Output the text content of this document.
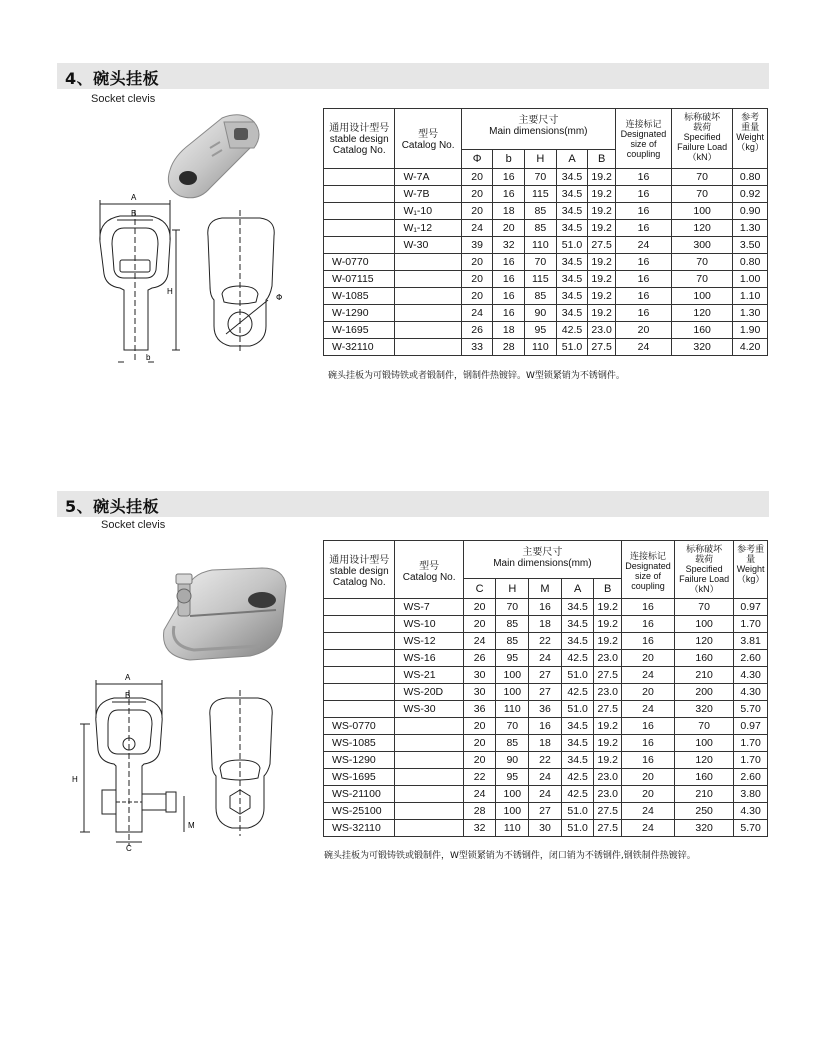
4、碗头挂板
Socket clevis
A
B
H
b
Φ
通用设计型号
stable design
Catalog No.	型号
Catalog No.	主要尺寸
Main dimensions(mm)					连接标记
Designated
size of
coupling	标称破坏
载荷
Specified
Failure Load
（kN）	参考
重量
Weight
（kg）
		Φ	b	H	A	B			
	W-7A	20	16	70	34.5	19.2	16	70	0.80
	W-7B	20	16	115	34.5	19.2	16	70	0.92
	W₁-10	20	18	85	34.5	19.2	16	100	0.90
	W₁-12	24	20	85	34.5	19.2	16	120	1.30
	W-30	39	32	110	51.0	27.5	24	300	3.50
W-0770		20	16	70	34.5	19.2	16	70	0.80
W-07115		20	16	115	34.5	19.2	16	70	1.00
W-1085		20	16	85	34.5	19.2	16	100	1.10
W-1290		24	16	90	34.5	19.2	16	120	1.30
W-1695		26	18	95	42.5	23.0	20	160	1.90
W-32110		33	28	110	51.0	27.5	24	320	4.20
碗头挂板为可锻铸铁或者锻制件，钢制件热镀锌。W型锁紧销为不锈钢件。
5、碗头挂板
Socket clevis
A
B
H
M
C
通用设计型号
stable design
Catalog No.	型号
Catalog No.	主要尺寸
Main dimensions(mm)					连接标记
Designated
size of
coupling	标称破坏
载荷
Specified
Failure Load
（kN）	参考重
量
Weight
（kg）
		C	H	M	A	B			
	WS-7	20	70	16	34.5	19.2	16	70	0.97
	WS-10	20	85	18	34.5	19.2	16	100	1.70
	WS-12	24	85	22	34.5	19.2	16	120	3.81
	WS-16	26	95	24	42.5	23.0	20	160	2.60
	WS-21	30	100	27	51.0	27.5	24	210	4.30
	WS-20D	30	100	27	42.5	23.0	20	200	4.30
	WS-30	36	110	36	51.0	27.5	24	320	5.70
WS-0770		20	70	16	34.5	19.2	16	70	0.97
WS-1085		20	85	18	34.5	19.2	16	100	1.70
WS-1290		20	90	22	34.5	19.2	16	120	1.70
WS-1695		22	95	24	42.5	23.0	20	160	2.60
WS-21100		24	100	24	42.5	23.0	20	210	3.80
WS-25100		28	100	27	51.0	27.5	24	250	4.30
WS-32110		32	110	30	51.0	27.5	24	320	5.70
碗头挂板为可锻铸铁或锻制件，W型锁紧销为不锈钢件，闭口销为不锈钢件,钢铁制件热镀锌。
